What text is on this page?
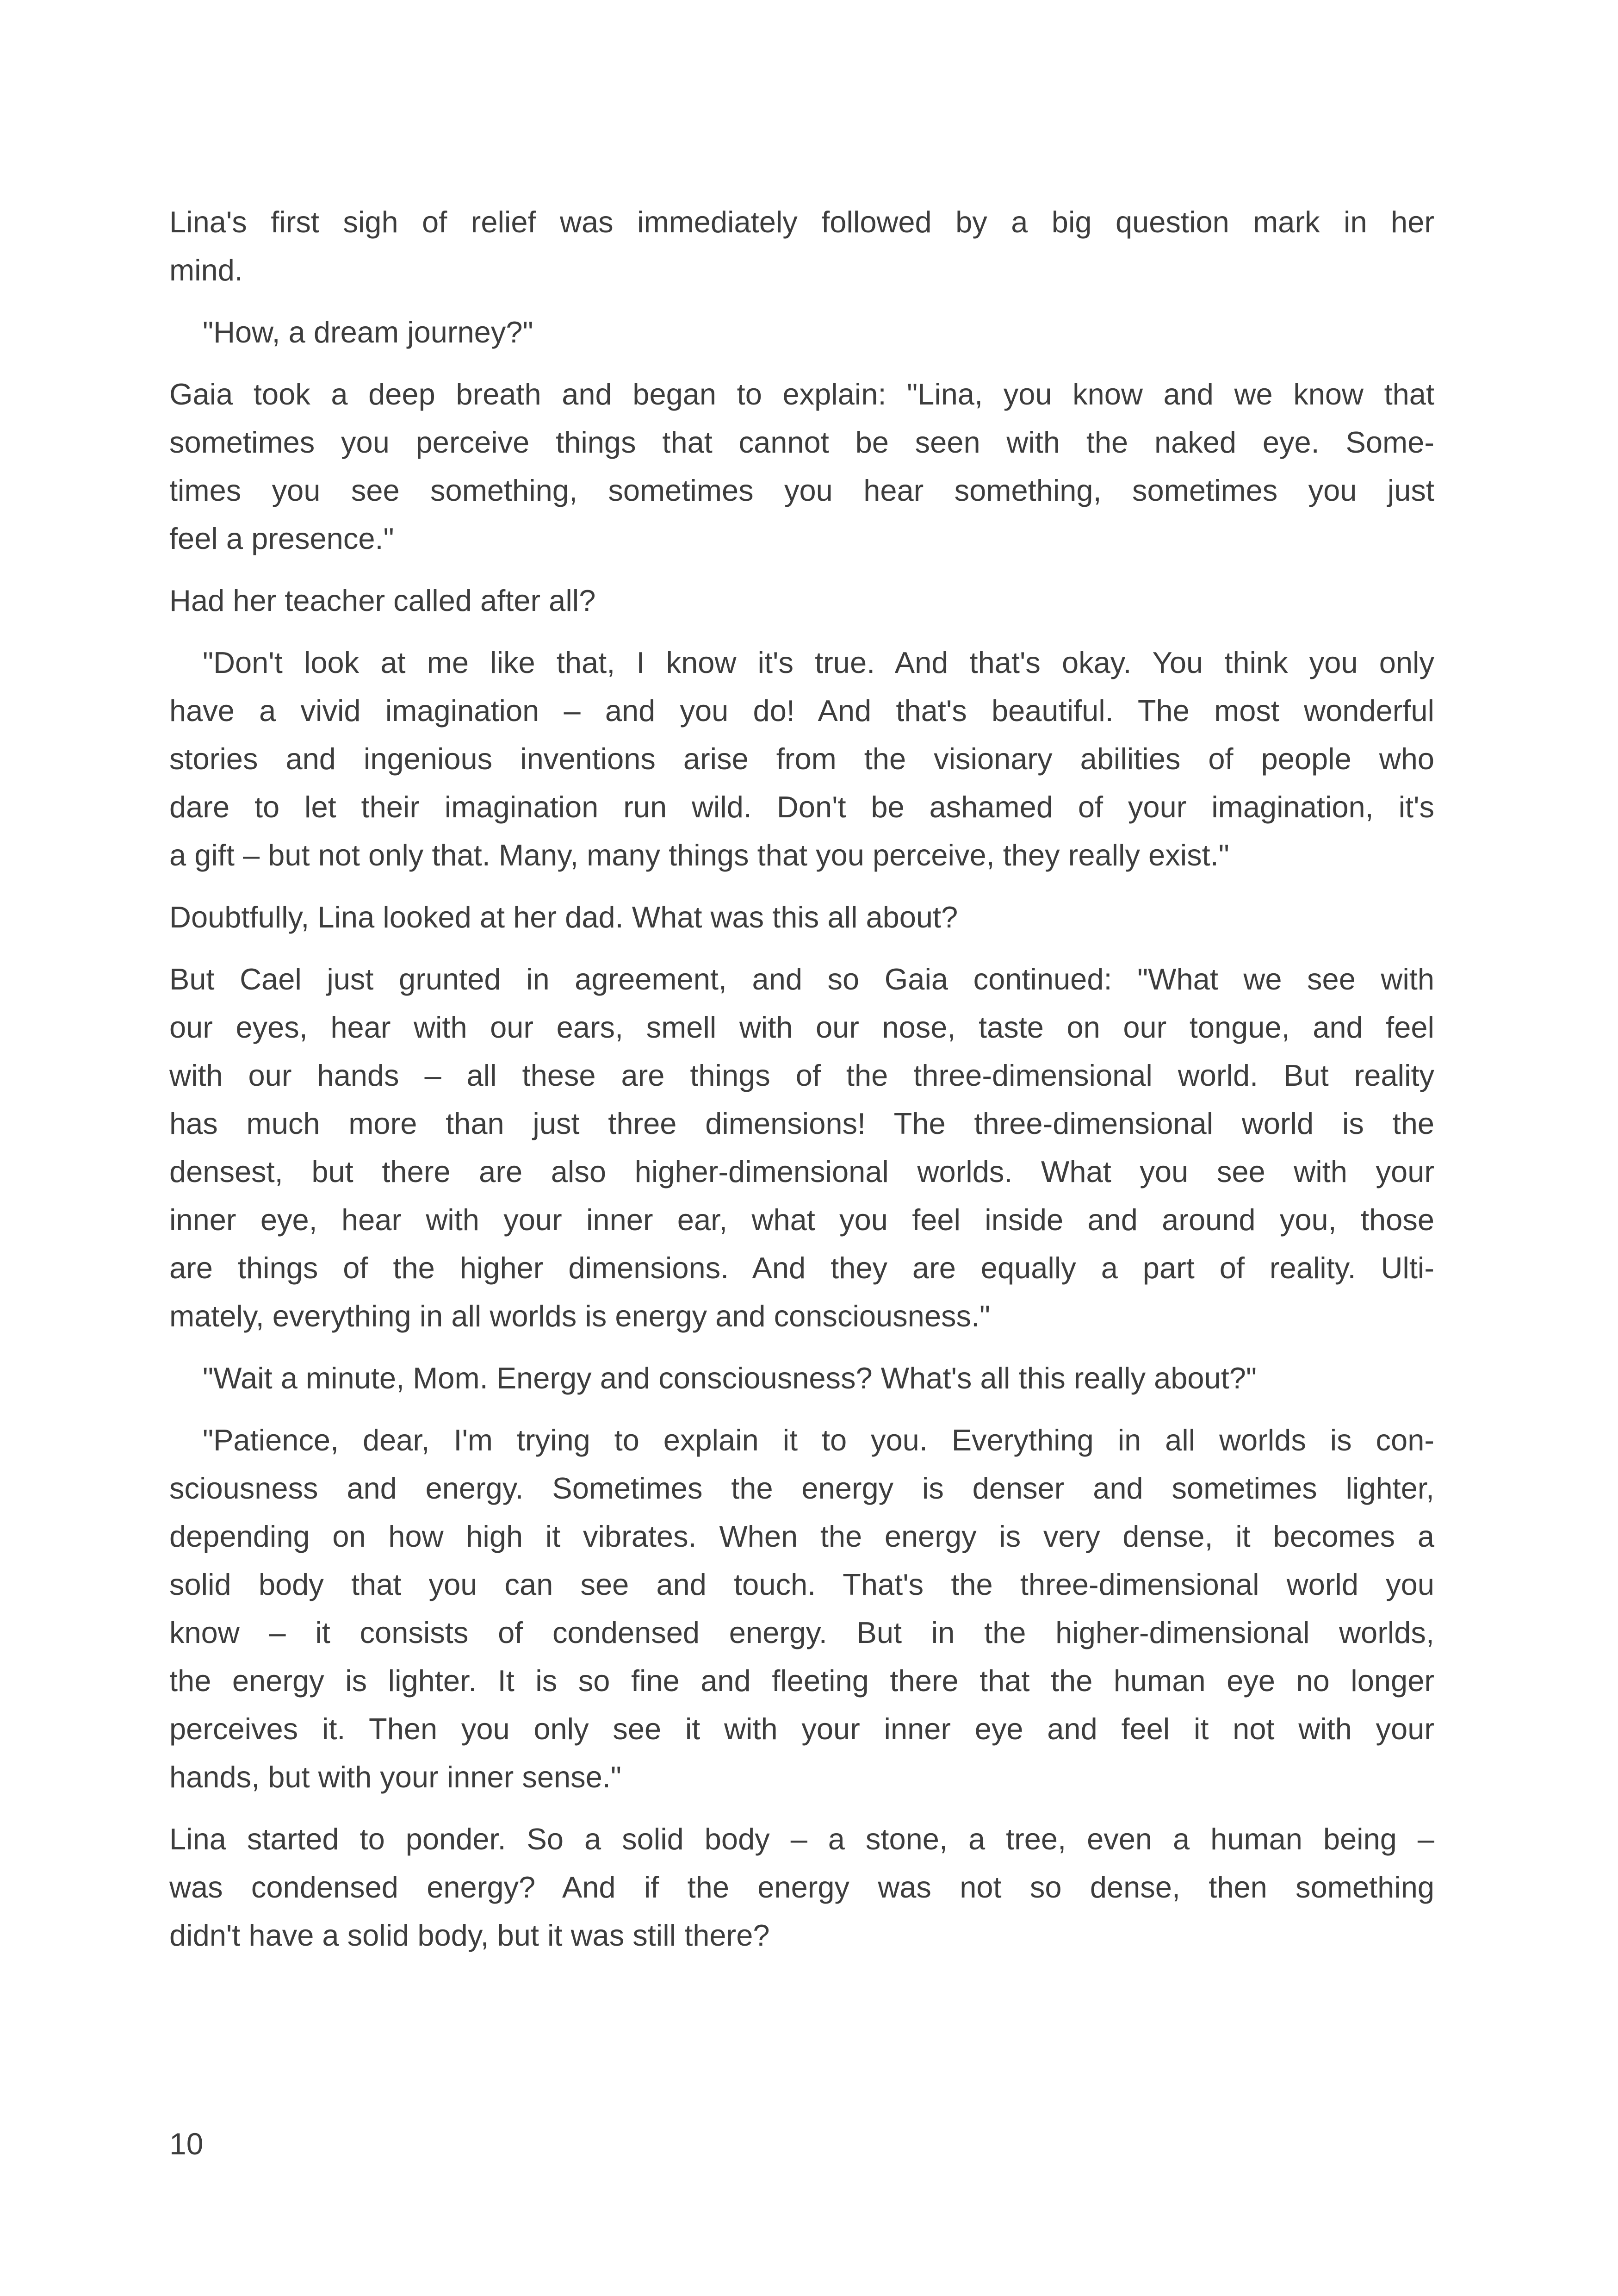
Lina's first sigh of relief was immediately followed by a big question mark in her
mind.
"How, a dream journey?"
Gaia took a deep breath and began to explain: "Lina, you know and we know that
sometimes you perceive things that cannot be seen with the naked eye. Some-
times you see something, sometimes you hear something, sometimes you just
feel a presence."
Had her teacher called after all?
"Don't look at me like that, I know it's true. And that's okay. You think you only
have a vivid imagination – and you do! And that's beautiful. The most wonderful
stories and ingenious inventions arise from the visionary abilities of people who
dare to let their imagination run wild. Don't be ashamed of your imagination, it's
a gift – but not only that. Many, many things that you perceive, they really exist."
Doubtfully, Lina looked at her dad. What was this all about?
But Cael just grunted in agreement, and so Gaia continued: "What we see with
our eyes, hear with our ears, smell with our nose, taste on our tongue, and feel
with our hands – all these are things of the three-dimensional world. But reality
has much more than just three dimensions! The three-dimensional world is the
densest, but there are also higher-dimensional worlds. What you see with your
inner eye, hear with your inner ear, what you feel inside and around you, those
are things of the higher dimensions. And they are equally a part of reality. Ulti-
mately, everything in all worlds is energy and consciousness."
"Wait a minute, Mom. Energy and consciousness? What's all this really about?"
"Patience, dear, I'm trying to explain it to you. Everything in all worlds is con-
sciousness and energy. Sometimes the energy is denser and sometimes lighter,
depending on how high it vibrates. When the energy is very dense, it becomes a
solid body that you can see and touch. That's the three-dimensional world you
know – it consists of condensed energy. But in the higher-dimensional worlds,
the energy is lighter. It is so fine and fleeting there that the human eye no longer
perceives it. Then you only see it with your inner eye and feel it not with your
hands, but with your inner sense."
Lina started to ponder. So a solid body – a stone, a tree, even a human being –
was condensed energy? And if the energy was not so dense, then something
didn't have a solid body, but it was still there?
10
